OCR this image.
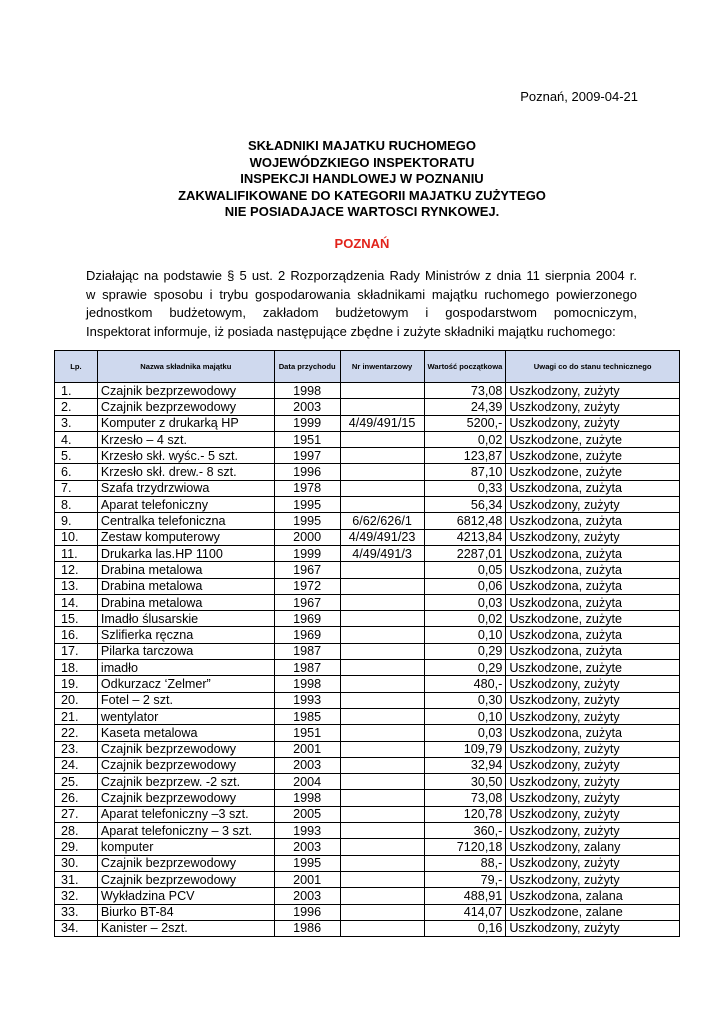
Poznań, 2009-04-21
SKŁADNIKI MAJATKU RUCHOMEGO
WOJEWÓDZKIEGO INSPEKTORATU
INSPEKCJI HANDLOWEJ W POZNANIU
ZAKWALIFIKOWANE DO KATEGORII MAJATKU ZUŻYTEGO
NIE POSIADAJACE WARTOSCI RYNKOWEJ.
POZNAŃ
Działając na podstawie § 5 ust. 2 Rozporządzenia Rady Ministrów z dnia 11 sierpnia 2004 r.
w sprawie sposobu i trybu gospodarowania składnikami majątku ruchomego powierzonego
jednostkom budżetowym, zakładom budżetowym i gospodarstwom pomocniczym,
Inspektorat informuje, iż posiada następujące zbędne i zużyte składniki majątku ruchomego:
Lp.	Nazwa składnika majątku	Data przychodu	Nr inwentarzowy	Wartość początkowa	Uwagi co do stanu technicznego
1.	Czajnik bezprzewodowy	1998		73,08	Uszkodzony, zużyty
2.	Czajnik bezprzewodowy	2003		24,39	Uszkodzony, zużyty
3.	Komputer z drukarką HP	1999	4/49/491/15	5200,-	Uszkodzony, zużyty
4.	Krzesło – 4 szt.	1951		0,02	Uszkodzone, zużyte
5.	Krzesło skł. wyśc.- 5 szt.	1997		123,87	Uszkodzone, zużyte
6.	Krzesło skł. drew.- 8 szt.	1996		87,10	Uszkodzone, zużyte
7.	Szafa trzydrzwiowa	1978		0,33	Uszkodzona, zużyta
8.	Aparat telefoniczny	1995		56,34	Uszkodzony, zużyty
9.	Centralka telefoniczna	1995	6/62/626/1	6812,48	Uszkodzona, zużyta
10.	Zestaw komputerowy	2000	4/49/491/23	4213,84	Uszkodzony, zużyty
11.	Drukarka las.HP 1100	1999	4/49/491/3	2287,01	Uszkodzona, zużyta
12.	Drabina metalowa	1967		0,05	Uszkodzona, zużyta
13.	Drabina metalowa	1972		0,06	Uszkodzona, zużyta
14.	Drabina metalowa	1967		0,03	Uszkodzona, zużyta
15.	Imadło ślusarskie	1969		0,02	Uszkodzone, zużyte
16.	Szlifierka ręczna	1969		0,10	Uszkodzona, zużyta
17.	Pilarka tarczowa	1987		0,29	Uszkodzona, zużyta
18.	imadło	1987		0,29	Uszkodzone, zużyte
19.	Odkurzacz ‘Zelmer”	1998		480,-	Uszkodzony, zużyty
20.	Fotel – 2 szt.	1993		0,30	Uszkodzony, zużyty
21.	wentylator	1985		0,10	Uszkodzony, zużyty
22.	Kaseta metalowa	1951		0,03	Uszkodzona, zużyta
23.	Czajnik bezprzewodowy	2001		109,79	Uszkodzony, zużyty
24.	Czajnik bezprzewodowy	2003		32,94	Uszkodzony, zużyty
25.	Czajnik bezprzew. -2 szt.	2004		30,50	Uszkodzony, zużyty
26.	Czajnik bezprzewodowy	1998		73,08	Uszkodzony, zużyty
27.	Aparat telefoniczny –3 szt.	2005		120,78	Uszkodzony, zużyty
28.	Aparat telefoniczny – 3 szt.	1993		360,-	Uszkodzony, zużyty
29.	komputer	2003		7120,18	Uszkodzony, zalany
30.	Czajnik bezprzewodowy	1995		88,-	Uszkodzony, zużyty
31.	Czajnik bezprzewodowy	2001		79,-	Uszkodzony, zużyty
32.	Wykładzina PCV	2003		488,91	Uszkodzona, zalana
33.	Biurko BT-84	1996		414,07	Uszkodzone, zalane
34.	Kanister – 2szt.	1986		0,16	Uszkodzony, zużyty
